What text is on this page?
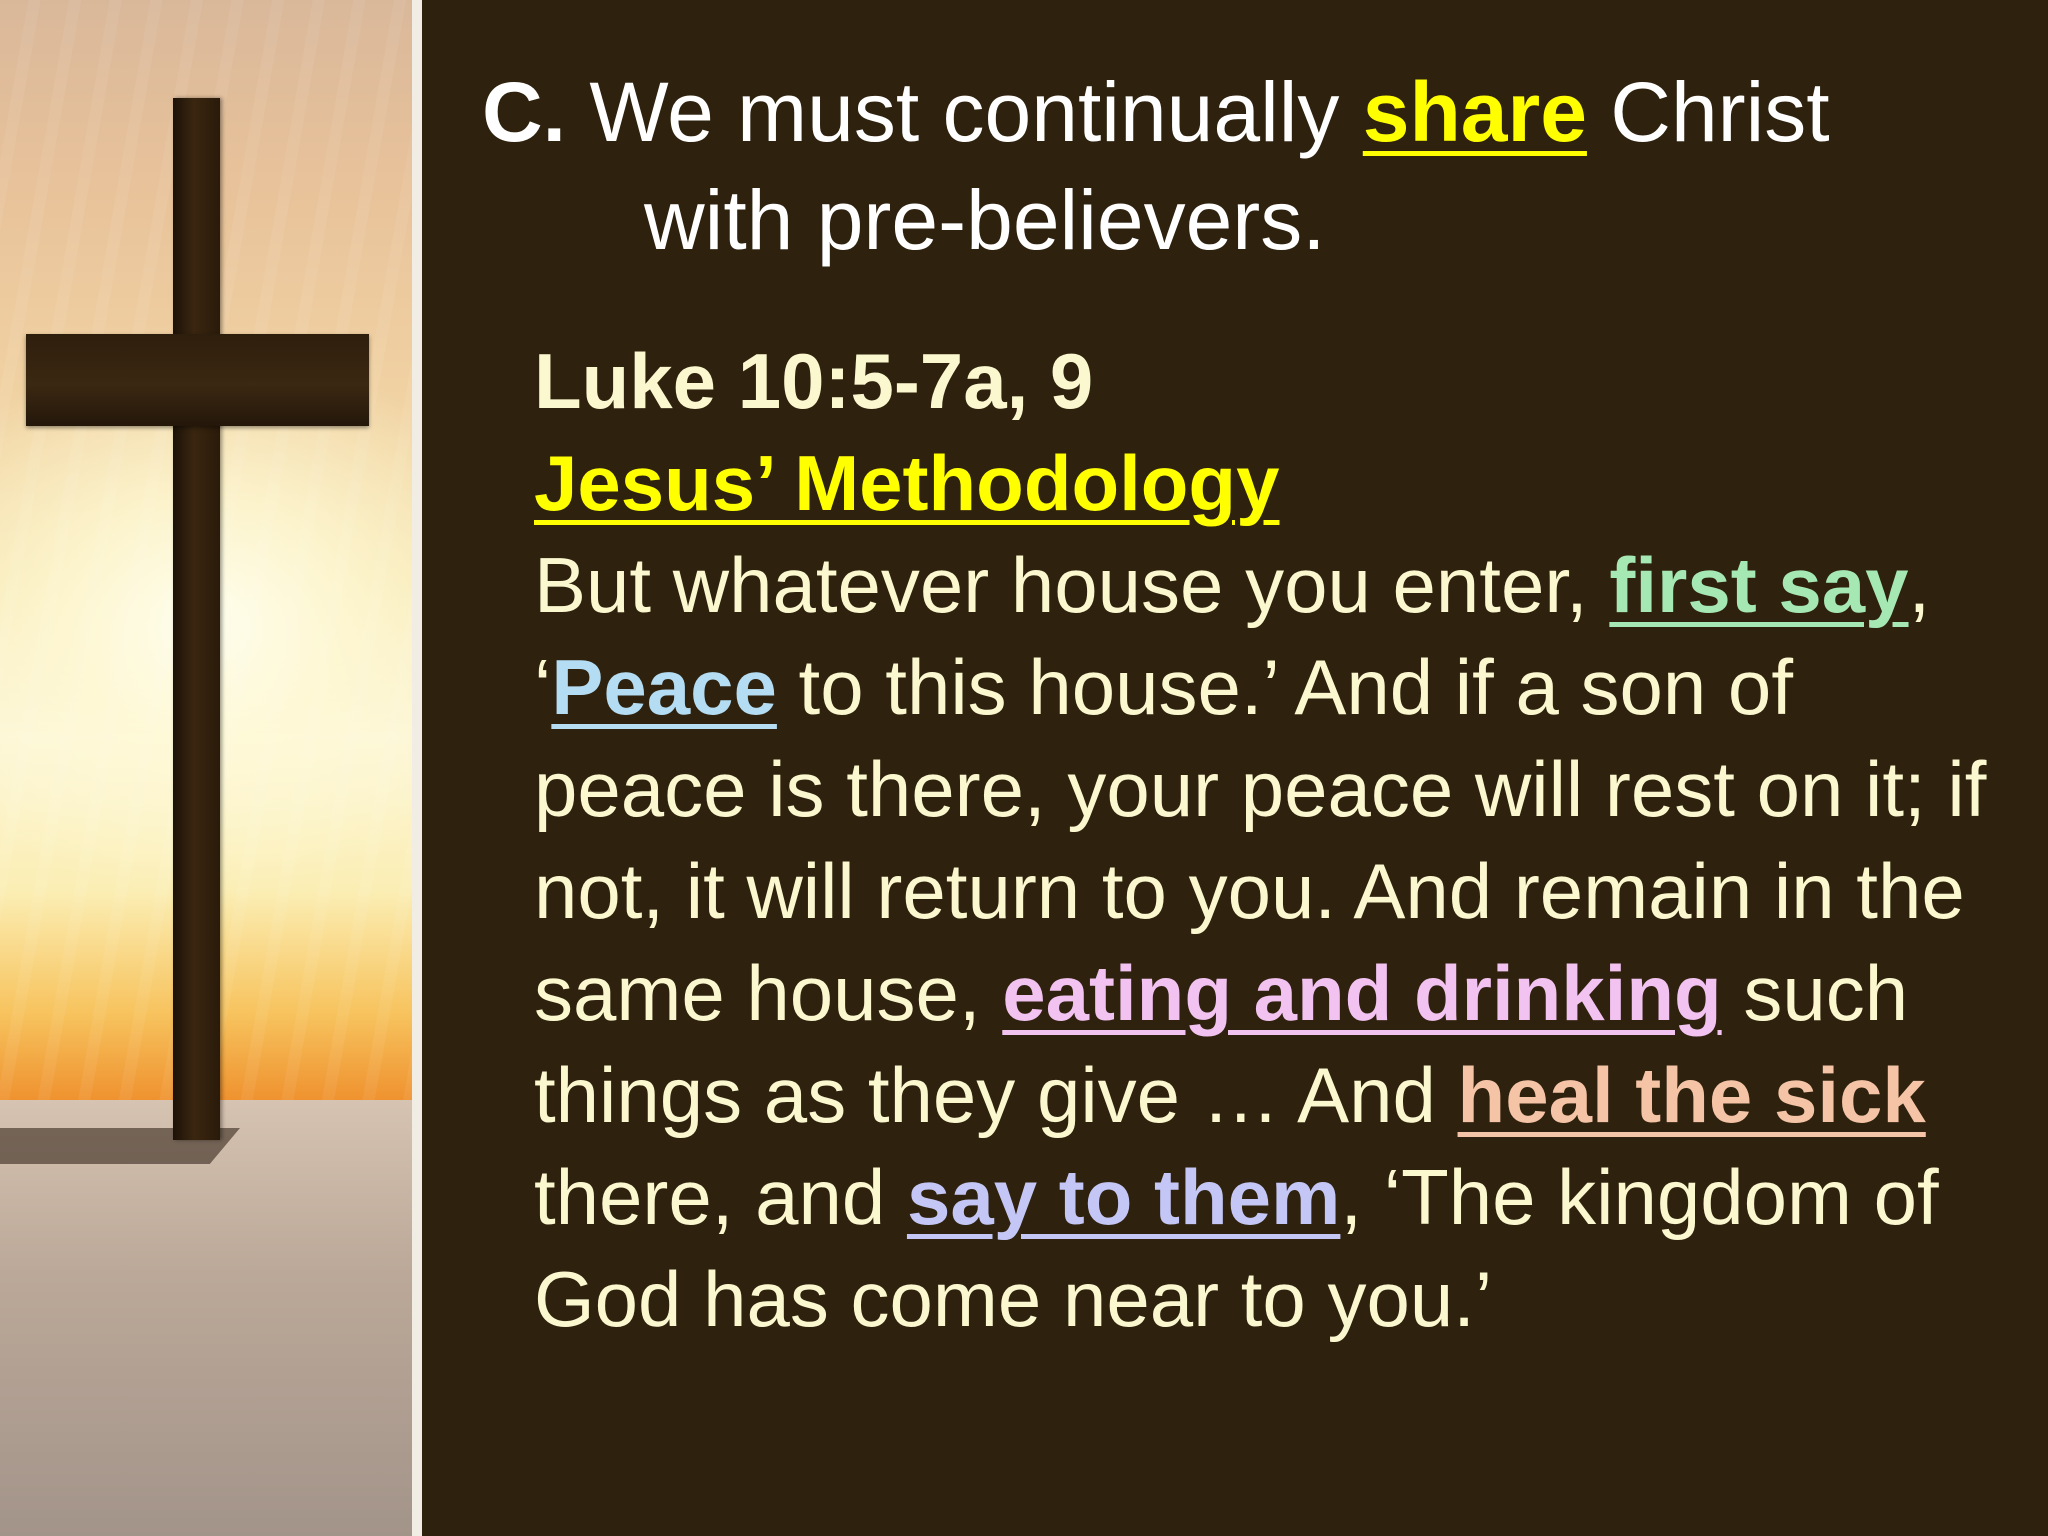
C. We must continually share Christ
with pre-believers.
Luke 10:5-7a, 9
Jesus’ Methodology
But whatever house you enter, first say, ‘Peace to this house.’ And if a son of peace is there, your peace will rest on it; if not, it will return to you. And remain in the same house, eating and drinking such things as they give … And heal the sick there, and say to them, ‘The kingdom of God has come near to you.’
